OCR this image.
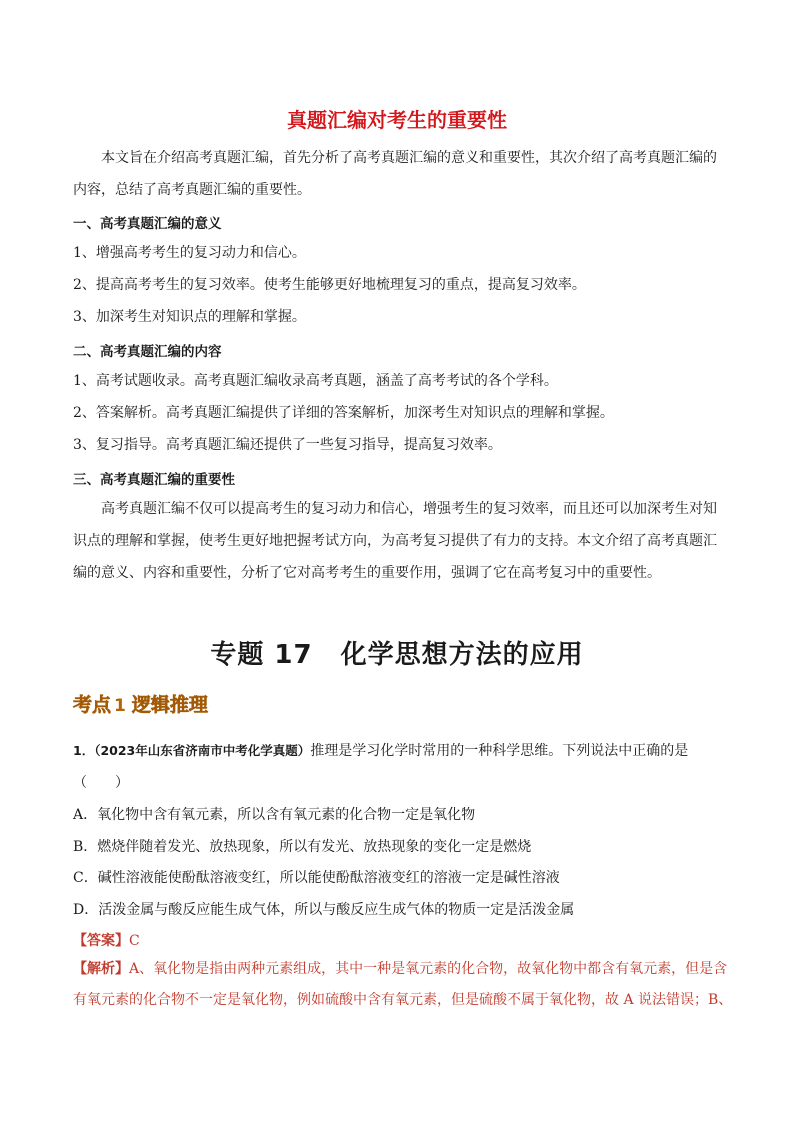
真题汇编对考生的重要性

本文旨在介绍高考真题汇编，首先分析了高考真题汇编的意义和重要性，其次介绍了高考真题汇编的内容，总结了高考真题汇编的重要性。

一、高考真题汇编的意义

1、增强高考考生的复习动力和信心。

2、提高高考考生的复习效率。使考生能够更好地梳理复习的重点，提高复习效率。

3、加深考生对知识点的理解和掌握。

二、高考真题汇编的内容

1、高考试题收录。高考真题汇编收录高考真题，涵盖了高考考试的各个学科。

2、答案解析。高考真题汇编提供了详细的答案解析，加深考生对知识点的理解和掌握。

3、复习指导。高考真题汇编还提供了一些复习指导，提高复习效率。

三、高考真题汇编的重要性

高考真题汇编不仅可以提高考生的复习动力和信心，增强考生的复习效率，而且还可以加深考生对知识点的理解和掌握，使考生更好地把握考试方向，为高考复习提供了有力的支持。本文介绍了高考真题汇编的意义、内容和重要性，分析了它对高考考生的重要作用，强调了它在高考复习中的重要性。

专题 17 化学思想方法的应用
考点 1 逻辑推理

1．（2023年山东省济南市中考化学真题）推理是学习化学时常用的一种科学思维。下列说法中正确的是（　　）

A．氧化物中含有氧元素，所以含有氧元素的化合物一定是氧化物

B．燃烧伴随着发光、放热现象，所以有发光、放热现象的变化一定是燃烧

C．碱性溶液能使酚酞溶液变红，所以能使酚酞溶液变红的溶液一定是碱性溶液

D．活泼金属与酸反应能生成气体，所以与酸反应生成气体的物质一定是活泼金属

【答案】C

【解析】A、氧化物是指由两种元素组成，其中一种是氧元素的化合物，故氧化物中都含有氧元素，但是含有氧元素的化合物不一定是氧化物，例如硫酸中含有氧元素，但是硫酸不属于氧化物，故 A 说法错误；B、
